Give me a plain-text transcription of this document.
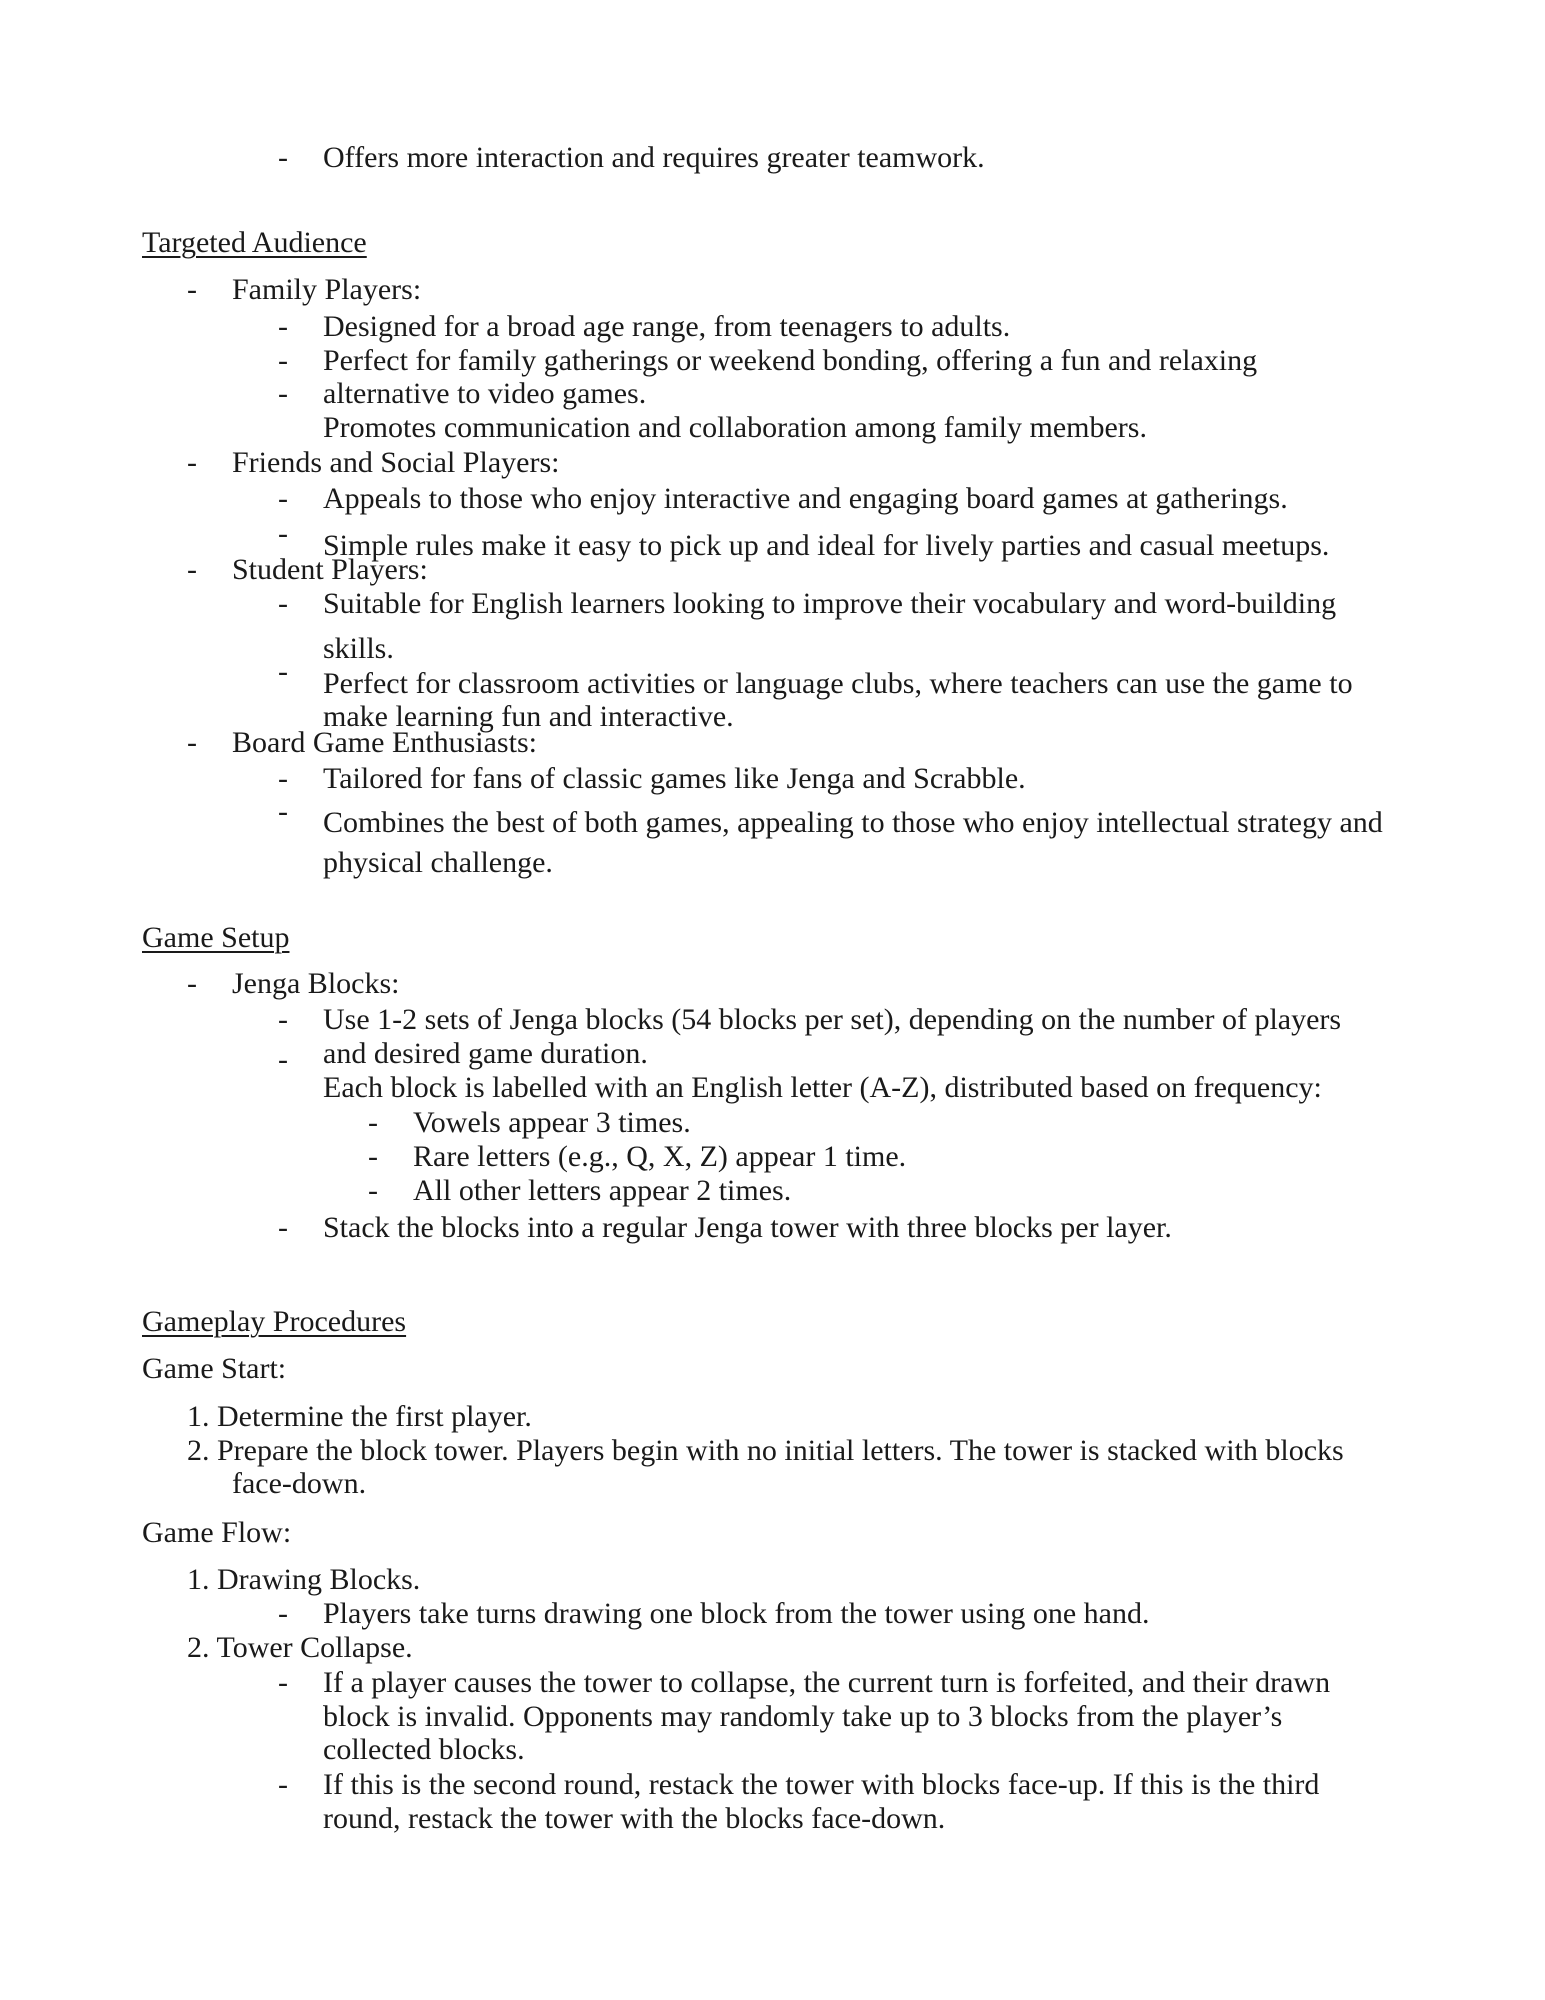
- Offers more interaction and requires greater teamwork.
Targeted Audience
- Family Players:
- Designed for a broad age range, from teenagers to adults.
- Perfect for family gatherings or weekend bonding, offering a fun and relaxing
- alternative to video games.
Promotes communication and collaboration among family members.
- Friends and Social Players:
- Appeals to those who enjoy interactive and engaging board games at gatherings.
- Simple rules make it easy to pick up and ideal for lively parties and casual meetups.
- Student Players:
- Suitable for English learners looking to improve their vocabulary and word-building
skills.
- Perfect for classroom activities or language clubs, where teachers can use the game to
make learning fun and interactive.
- Board Game Enthusiasts:
- Tailored for fans of classic games like Jenga and Scrabble.
- Combines the best of both games, appealing to those who enjoy intellectual strategy and
physical challenge.
Game Setup
- Jenga Blocks:
- Use 1-2 sets of Jenga blocks (54 blocks per set), depending on the number of players
- and desired game duration.
Each block is labelled with an English letter (A-Z), distributed based on frequency:
- Vowels appear 3 times.
- Rare letters (e.g., Q, X, Z) appear 1 time.
- All other letters appear 2 times.
- Stack the blocks into a regular Jenga tower with three blocks per layer.
Gameplay Procedures
Game Start:
1. Determine the first player.
2. Prepare the block tower. Players begin with no initial letters. The tower is stacked with blocks
face-down.
Game Flow:
1. Drawing Blocks.
- Players take turns drawing one block from the tower using one hand.
2. Tower Collapse.
- If a player causes the tower to collapse, the current turn is forfeited, and their drawn
block is invalid. Opponents may randomly take up to 3 blocks from the player’s
collected blocks.
- If this is the second round, restack the tower with blocks face-up. If this is the third
round, restack the tower with the blocks face-down.
